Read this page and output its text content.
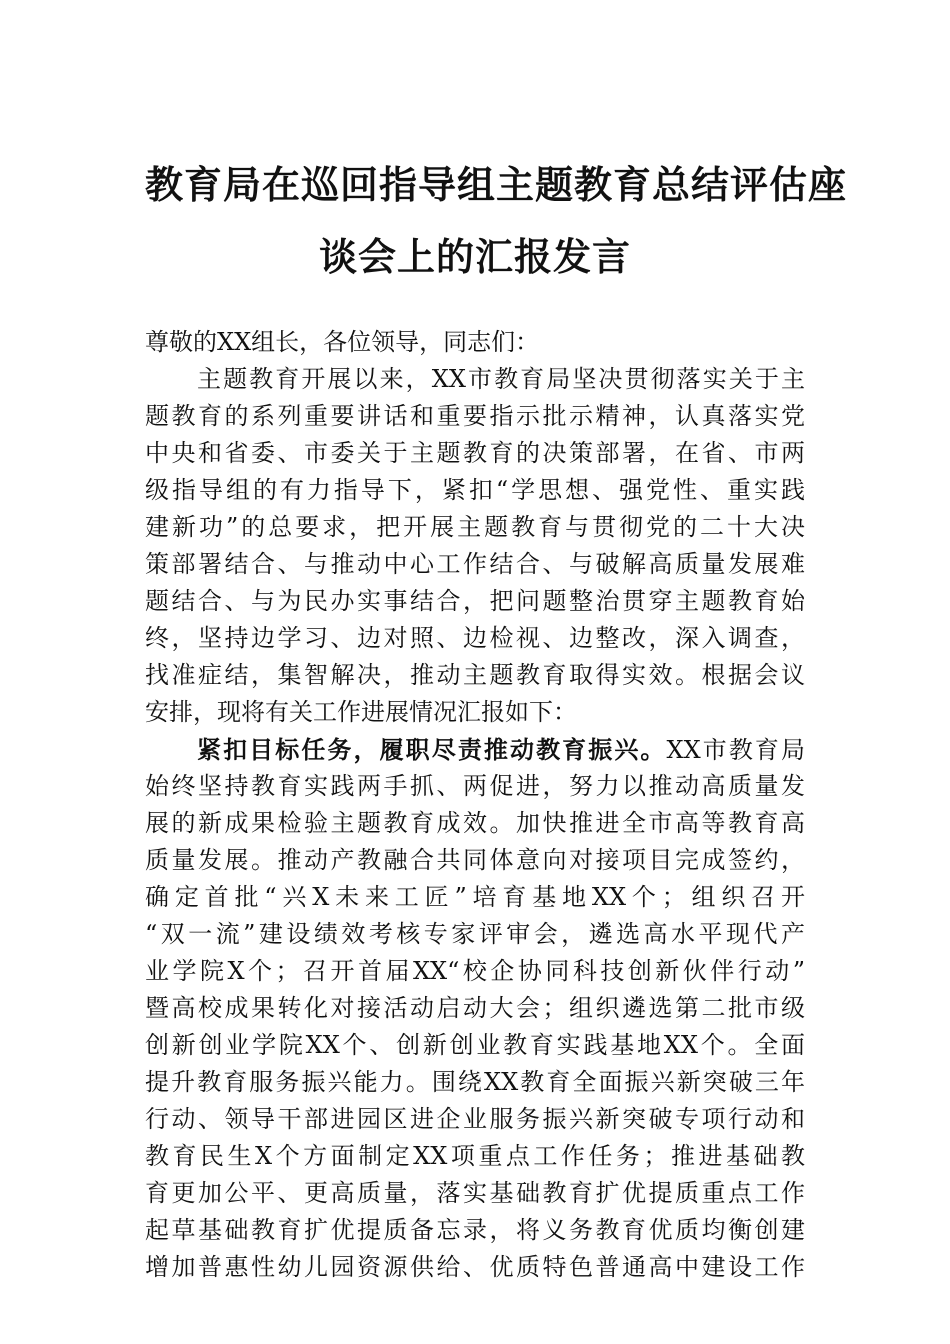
教育局在巡回指导组主题教育总结评估座
谈会上的汇报发言
尊敬的XX组长，各位领导，同志们：
主题教育开展以来，XX市教育局坚决贯彻落实关于主
题教育的系列重要讲话和重要指示批示精神，认真落实党
中央和省委、市委关于主题教育的决策部署，在省、市两
级指导组的有力指导下，紧扣“学思想、强党性、重实践
建新功”的总要求，把开展主题教育与贯彻党的二十大决
策部署结合、与推动中心工作结合、与破解高质量发展难
题结合、与为民办实事结合，把问题整治贯穿主题教育始
终，坚持边学习、边对照、边检视、边整改，深入调查，
找准症结，集智解决，推动主题教育取得实效。根据会议
安排，现将有关工作进展情况汇报如下：
紧扣目标任务，履职尽责推动教育振兴。XX市教育局
始终坚持教育实践两手抓、两促进，努力以推动高质量发
展的新成果检验主题教育成效。加快推进全市高等教育高
质量发展。推动产教融合共同体意向对接项目完成签约，
确定首批“兴X未来工匠”培育基地XX个；组织召开
“双一流”建设绩效考核专家评审会，遴选高水平现代产
业学院X个；召开首届XX“校企协同科技创新伙伴行动”
暨高校成果转化对接活动启动大会；组织遴选第二批市级
创新创业学院XX个、创新创业教育实践基地XX个。全面
提升教育服务振兴能力。围绕XX教育全面振兴新突破三年
行动、领导干部进园区进企业服务振兴新突破专项行动和
教育民生X个方面制定XX项重点工作任务；推进基础教
育更加公平、更高质量，落实基础教育扩优提质重点工作
起草基础教育扩优提质备忘录，将义务教育优质均衡创建
增加普惠性幼儿园资源供给、优质特色普通高中建设工作
